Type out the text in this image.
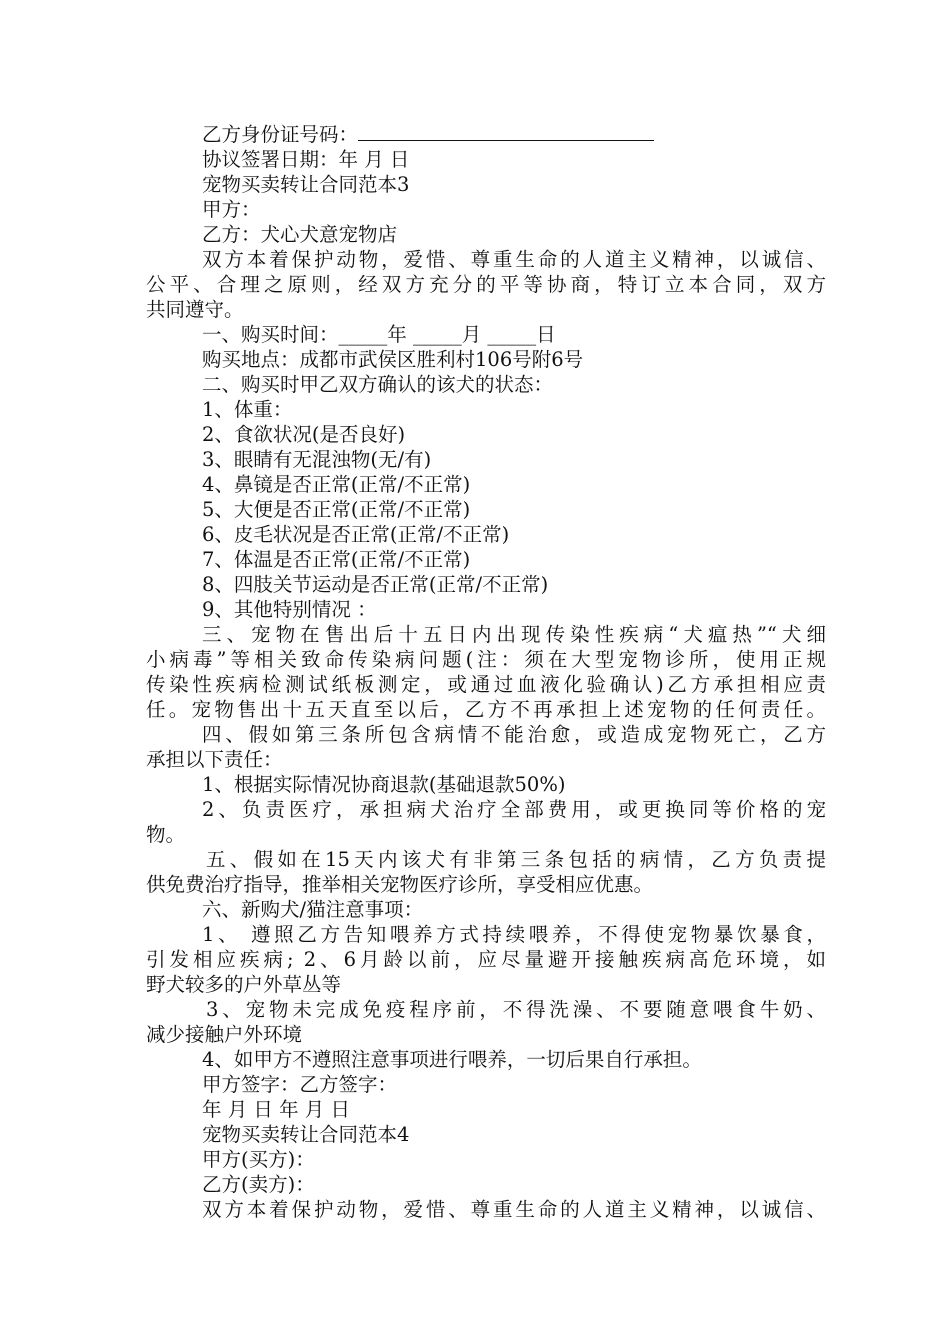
乙方身份证号码：
协议签署日期：年 月 日
宠物买卖转让合同范本3
甲方：
乙方：犬心犬意宠物店
双方本着保护动物，爱惜、尊重生命的人道主义精神，以诚信、
公平、合理之原则，经双方充分的平等协商，特订立本合同，双方
共同遵守。
一、购买时间：_____年 _____月 _____日
购买地点：成都市武侯区胜利村106号附6号
二、购买时甲乙双方确认的该犬的状态：
1、体重：
2、食欲状况(是否良好)
3、眼睛有无混浊物(无/有)
4、鼻镜是否正常(正常/不正常)
5、大便是否正常(正常/不正常)
6、皮毛状况是否正常(正常/不正常)
7、体温是否正常(正常/不正常)
8、四肢关节运动是否正常(正常/不正常)
9、其他特别情况 ：
三、宠物在售出后十五日内出现传染性疾病“犬瘟热”“犬细
小病毒”等相关致命传染病问题(注：须在大型宠物诊所，使用正规
传染性疾病检测试纸板测定，或通过血液化验确认)乙方承担相应责
任。宠物售出十五天直至以后，乙方不再承担上述宠物的任何责任。
四、假如第三条所包含病情不能治愈，或造成宠物死亡，乙方
承担以下责任：
1、根据实际情况协商退款(基础退款50%)
2、负责医疗，承担病犬治疗全部费用，或更换同等价格的宠
物。
五、假如在15天内该犬有非第三条包括的病情，乙方负责提
供免费治疗指导，推举相关宠物医疗诊所，享受相应优惠。
六、新购犬/猫注意事项：
1、 遵照乙方告知喂养方式持续喂养，不得使宠物暴饮暴食，
引发相应疾病; 2、6月龄以前，应尽量避开接触疾病高危环境，如
野犬较多的户外草丛等
3、宠物未完成免疫程序前，不得洗澡、不要随意喂食牛奶、
减少接触户外环境
4、如甲方不遵照注意事项进行喂养，一切后果自行承担。
甲方签字：乙方签字：
年 月 日 年 月 日
宠物买卖转让合同范本4
甲方(买方)：
乙方(卖方)：
双方本着保护动物，爱惜、尊重生命的人道主义精神，以诚信、
